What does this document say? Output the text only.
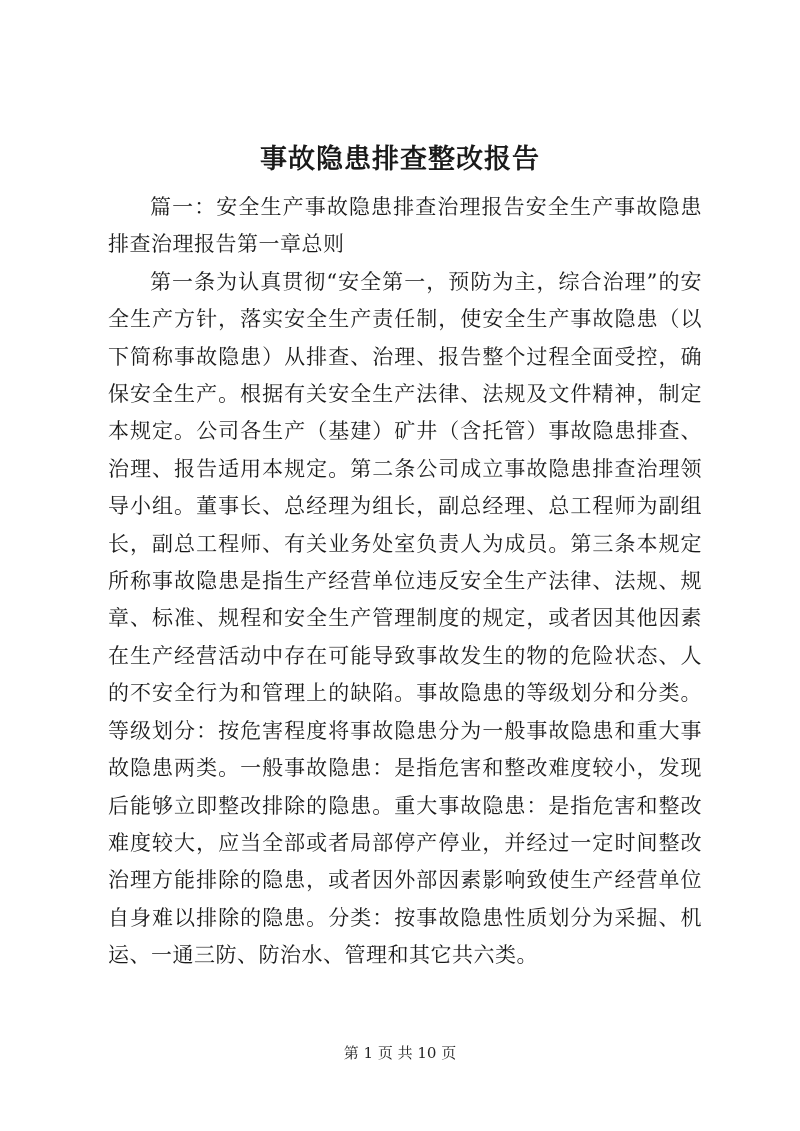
事故隐患排查整改报告

篇一：安全生产事故隐患排查治理报告安全生产事故隐患排查治理报告第一章总则

第一条为认真贯彻“安全第一，预防为主，综合治理”的安全生产方针，落实安全生产责任制，使安全生产事故隐患（以下简称事故隐患）从排查、治理、报告整个过程全面受控，确保安全生产。根据有关安全生产法律、法规及文件精神，制定本规定。公司各生产（基建）矿井（含托管）事故隐患排查、治理、报告适用本规定。第二条公司成立事故隐患排查治理领导小组。董事长、总经理为组长，副总经理、总工程师为副组长，副总工程师、有关业务处室负责人为成员。第三条本规定所称事故隐患是指生产经营单位违反安全生产法律、法规、规章、标准、规程和安全生产管理制度的规定，或者因其他因素在生产经营活动中存在可能导致事故发生的物的危险状态、人的不安全行为和管理上的缺陷。事故隐患的等级划分和分类。等级划分：按危害程度将事故隐患分为一般事故隐患和重大事故隐患两类。一般事故隐患：是指危害和整改难度较小，发现后能够立即整改排除的隐患。重大事故隐患：是指危害和整改难度较大，应当全部或者局部停产停业，并经过一定时间整改治理方能排除的隐患，或者因外部因素影响致使生产经营单位自身难以排除的隐患。分类：按事故隐患性质划分为采掘、机运、一通三防、防治水、管理和其它共六类。

第 1 页 共 10 页
